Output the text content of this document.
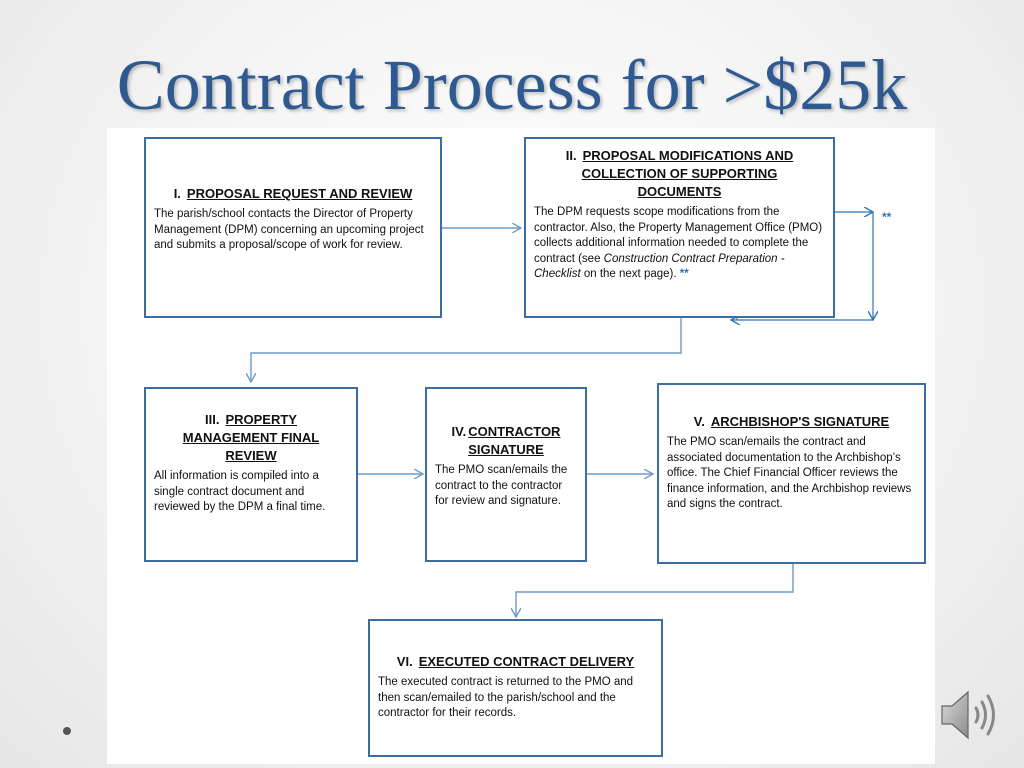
Contract Process for >$25k
I. PROPOSAL REQUEST AND REVIEW
The parish/school contacts the Director of Property Management (DPM) concerning an upcoming project and submits a proposal/scope of work for review.
II. PROPOSAL MODIFICATIONS AND COLLECTION OF SUPPORTING DOCUMENTS
The DPM requests scope modifications from the contractor. Also, the Property Management Office (PMO) collects additional information needed to complete the contract (see Construction Contract Preparation - Checklist on the next page). **
**
III. PROPERTY MANAGEMENT FINAL REVIEW
All information is compiled into a single contract document and reviewed by the DPM a final time.
IV. CONTRACTOR SIGNATURE
The PMO scan/emails the contract to the contractor for review and signature.
V. ARCHBISHOP'S SIGNATURE
The PMO scan/emails the contract and associated documentation to the Archbishop’s office. The Chief Financial Officer reviews the finance information, and the Archbishop reviews and signs the contract.
VI. EXECUTED CONTRACT DELIVERY
The executed contract is returned to the PMO and then scan/emailed to the parish/school and the contractor for their records.
